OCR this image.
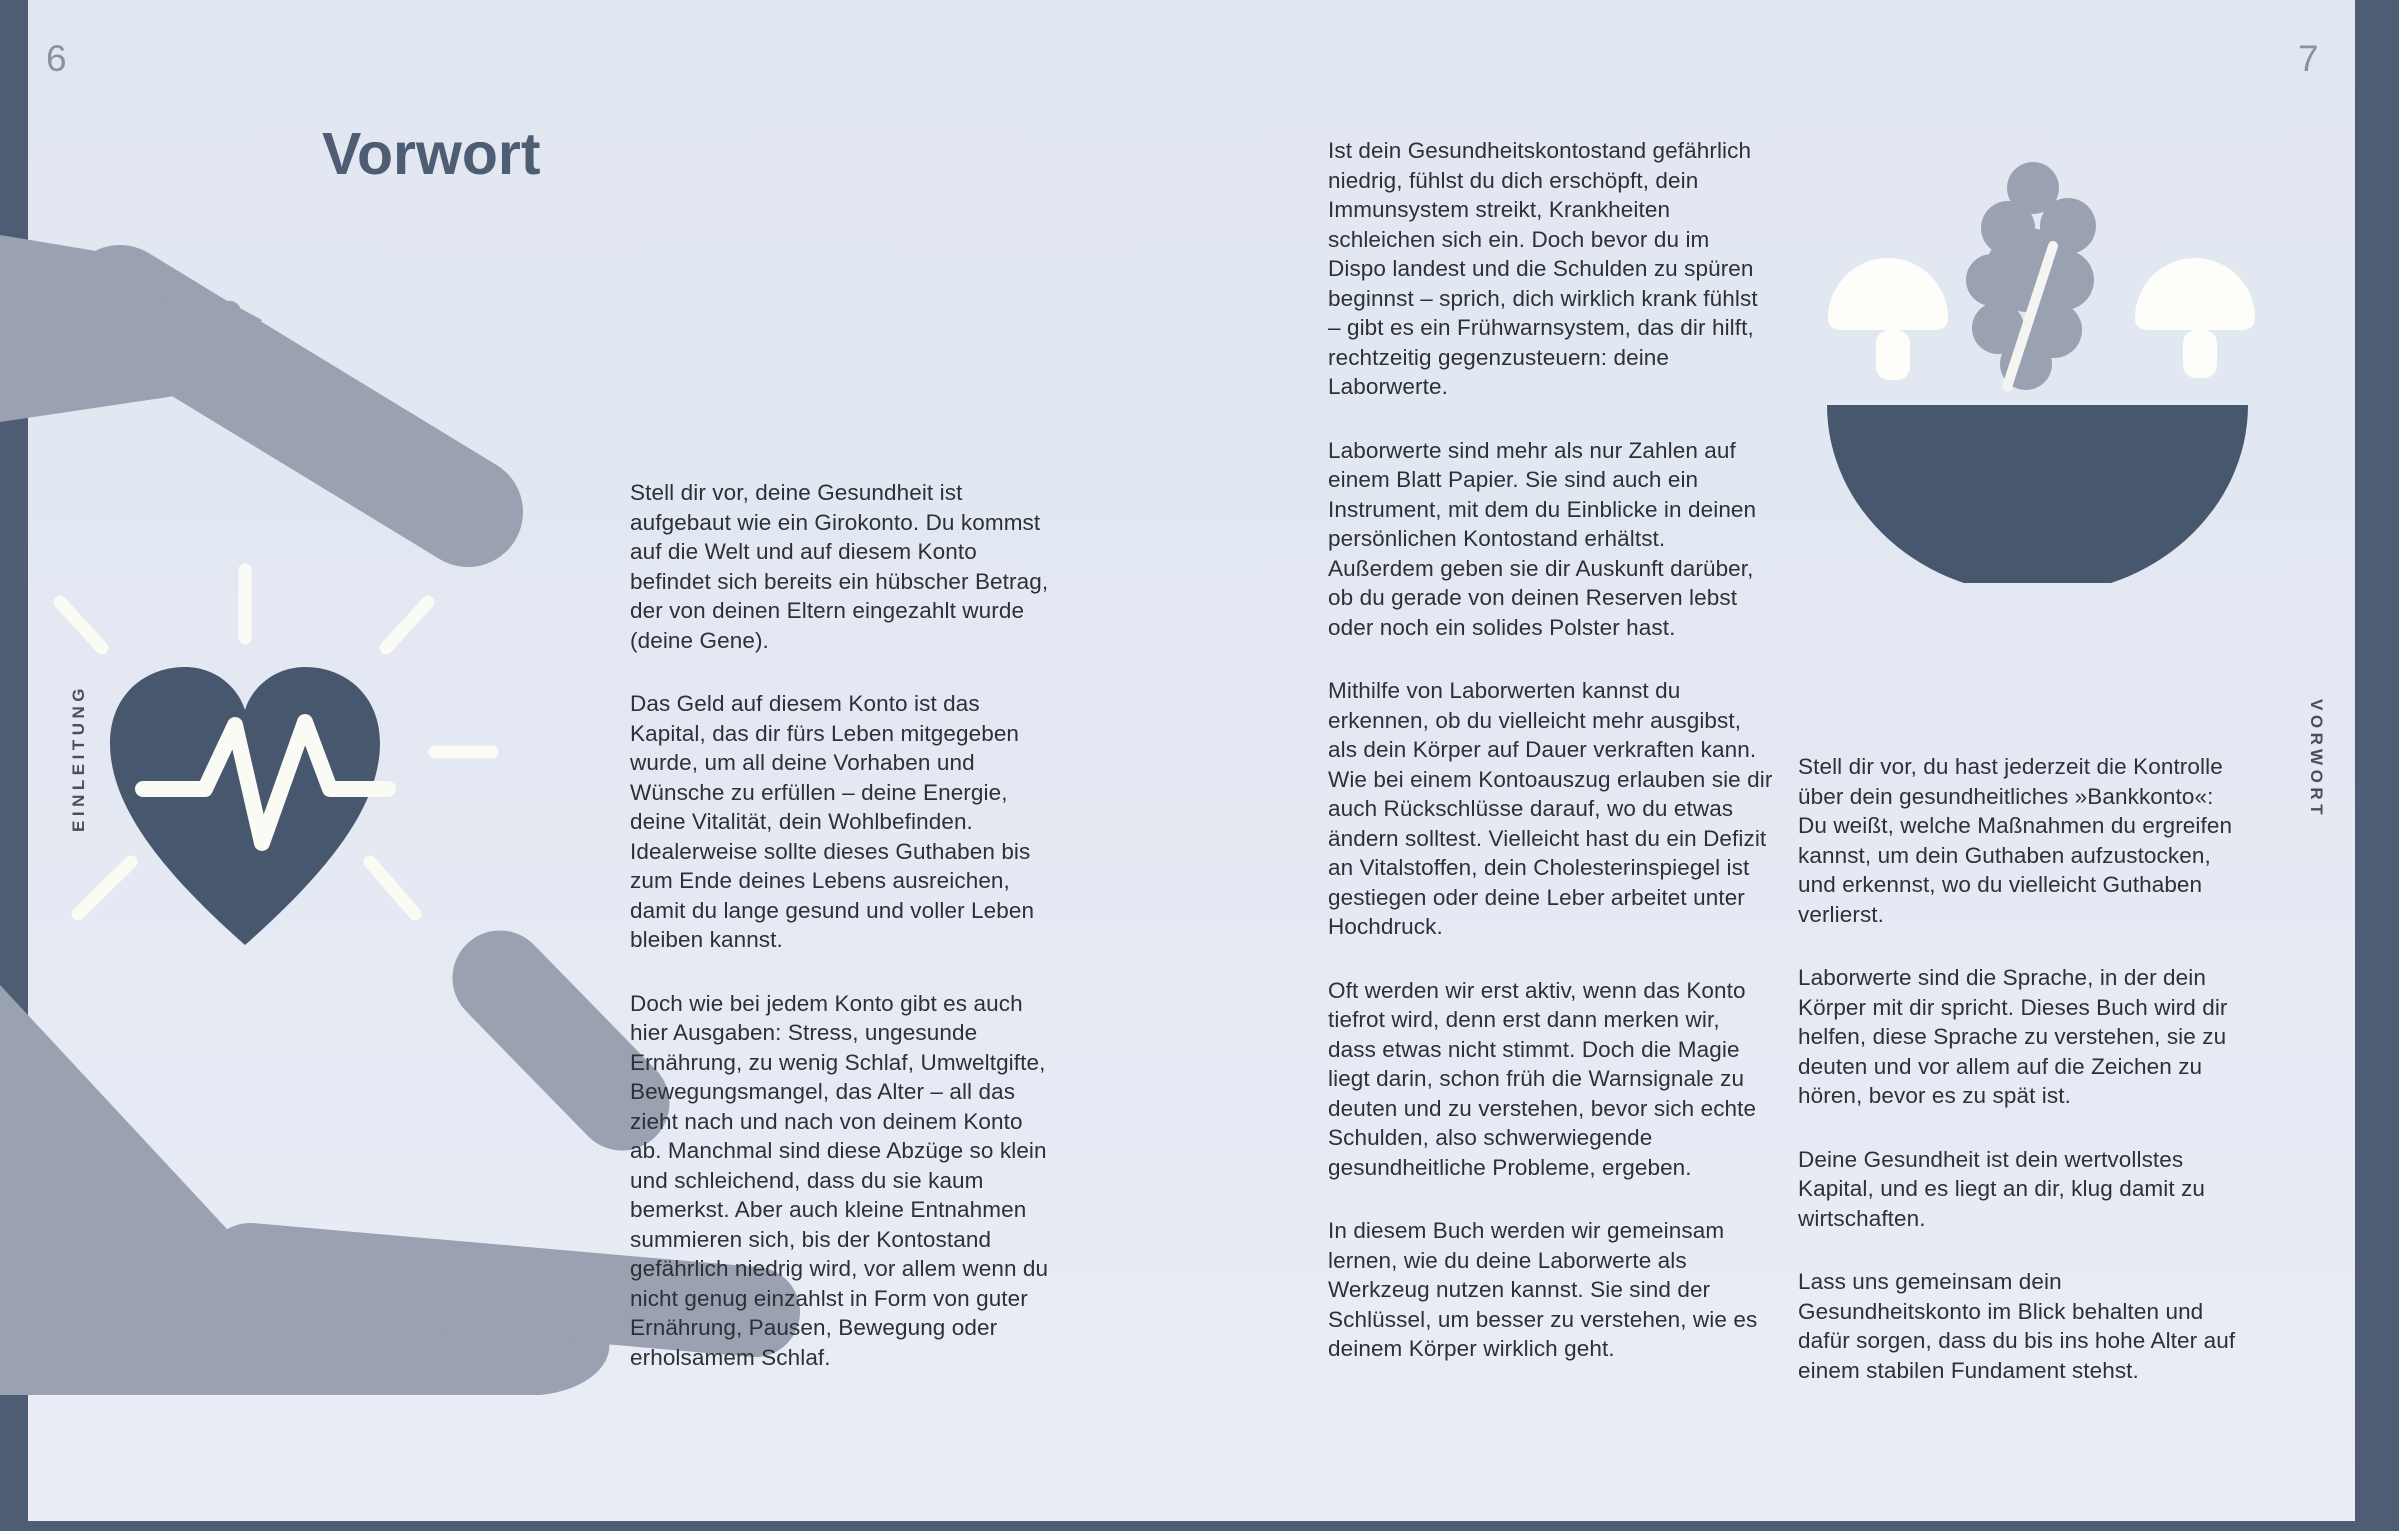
6	7
EINLEITUNG	VORWORT
Vorwort

Stell dir vor, deine Gesundheit ist aufgebaut wie ein Girokonto. Du kommst auf die Welt und auf diesem Konto befindet sich bereits ein hübscher Betrag, der von deinen Eltern eingezahlt wurde (deine Gene).

Das Geld auf diesem Konto ist das Kapital, das dir fürs Leben mitgegeben wurde, um all deine Vorhaben und Wünsche zu erfüllen – deine Energie, deine Vitalität, dein Wohlbefinden. Idealerweise sollte dieses Guthaben bis zum Ende deines Lebens ausreichen, damit du lange gesund und voller Leben bleiben kannst.

Doch wie bei jedem Konto gibt es auch hier Ausgaben: Stress, ungesunde Ernährung, zu wenig Schlaf, Umweltgifte, Bewegungsmangel, das Alter – all das zieht nach und nach von deinem Konto ab. Manchmal sind diese Abzüge so klein und schleichend, dass du sie kaum bemerkst. Aber auch kleine Entnahmen summieren sich, bis der Kontostand gefährlich niedrig wird, vor allem wenn du nicht genug einzahlst in Form von guter Ernährung, Pausen, Bewegung oder erholsamem Schlaf.

Ist dein Gesundheitskontostand gefährlich niedrig, fühlst du dich erschöpft, dein Immunsystem streikt, Krankheiten schleichen sich ein. Doch bevor du im Dispo landest und die Schulden zu spüren beginnst – sprich, dich wirklich krank fühlst – gibt es ein Frühwarnsystem, das dir hilft, rechtzeitig gegenzusteuern: deine Laborwerte.

Laborwerte sind mehr als nur Zahlen auf einem Blatt Papier. Sie sind auch ein Instrument, mit dem du Einblicke in deinen persönlichen Kontostand erhältst. Außerdem geben sie dir Auskunft darüber, ob du gerade von deinen Reserven lebst oder noch ein solides Polster hast.

Mithilfe von Laborwerten kannst du erkennen, ob du vielleicht mehr ausgibst, als dein Körper auf Dauer verkraften kann. Wie bei einem Kontoauszug erlauben sie dir auch Rückschlüsse darauf, wo du etwas ändern solltest. Vielleicht hast du ein Defizit an Vitalstoffen, dein Cholesterinspiegel ist gestiegen oder deine Leber arbeitet unter Hochdruck.

Oft werden wir erst aktiv, wenn das Konto tiefrot wird, denn erst dann merken wir, dass etwas nicht stimmt. Doch die Magie liegt darin, schon früh die Warnsignale zu deuten und zu verstehen, bevor sich echte Schulden, also schwerwiegende gesundheitliche Probleme, ergeben.

In diesem Buch werden wir gemeinsam lernen, wie du deine Laborwerte als Werkzeug nutzen kannst. Sie sind der Schlüssel, um besser zu verstehen, wie es deinem Körper wirklich geht.

Stell dir vor, du hast jederzeit die Kontrolle über dein gesundheitliches »Bankkonto«: Du weißt, welche Maßnahmen du ergreifen kannst, um dein Guthaben aufzustocken, und erkennst, wo du vielleicht Guthaben verlierst.

Laborwerte sind die Sprache, in der dein Körper mit dir spricht. Dieses Buch wird dir helfen, diese Sprache zu verstehen, sie zu deuten und vor allem auf die Zeichen zu hören, bevor es zu spät ist.

Deine Gesundheit ist dein wertvollstes Kapital, und es liegt an dir, klug damit zu wirtschaften.

Lass uns gemeinsam dein Gesundheitskonto im Blick behalten und dafür sorgen, dass du bis ins hohe Alter auf einem stabilen Fundament stehst.
